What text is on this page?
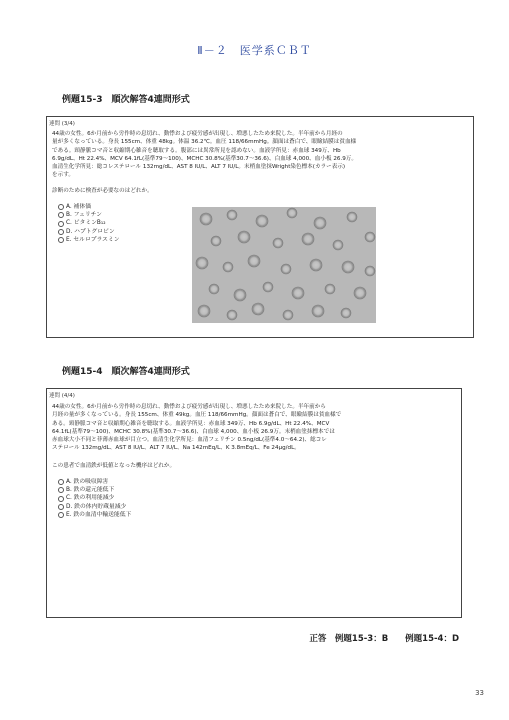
Ⅱ－２　医学系ＣＢＴ
例題15-3　順次解答4連問形式
連問 (3/4)
44歳の女性。6か月前から労作時の息切れ、動悸および疲労感が出現し、増悪したため来院した。半年前から月経の
量が多くなっている。身長 155cm、体重 48kg。体温 36.2℃。血圧 118/66mmHg。顔面は蒼白で、眼瞼結膜は貧血様
である。頸静脈コマ音と収縮期心雑音を聴取する。腹部には異常所見を認めない。血液学所見：赤血球 349万、Hb
6.9g/dL、Ht 22.4%、MCV 64.1fL(基準79～100)、MCHC 30.8%(基準30.7～36.6)、白血球 4,000、血小板 26.9万。
血清生化学所見：総コレステロール 132mg/dL、AST 8 IU/L、ALT 7 IU/L。末梢血塗抹Wright染色標本(カラー表示)
を示す。
診断のために検査が必要なのはどれか。
A. 補体価
B. フェリチン
C. ビタミンB₁₂
D. ハプトグロビン
E. セルロプラスミン
例題15-4　順次解答4連問形式
連問 (4/4)
44歳の女性。6か月前から労作時の息切れ、動悸および疲労感が出現し、増悪したため来院した。半年前から
月経の量が多くなっている。身長 155cm、体重 49kg。血圧 118/66mmHg。顔面は蒼白で、眼瞼結膜は貧血様で
ある。頸静脈コマ音と収縮期心雑音を聴取する。血液学所見：赤血球 349万、Hb 6.9g/dL、Ht 22.4%、MCV
64.1fL(基準79～100)、MCHC 30.8%(基準30.7～36.6)、白血球 4,000、血小板 26.9万。末梢血塗抹標本では
赤血球大小不同と菲薄赤血球が目立つ。血清生化学所見：血清フェリチン 0.5ng/dL(基準4.0～64.2)、総コレ
ステロール 132mg/dL、AST 8 IU/L、ALT 7 IU/L、Na 142mEq/L、K 3.8mEq/L、Fe 24μg/dL。
この患者で血清鉄が低値となった機序はどれか。
A. 鉄の吸収障害
B. 鉄の還元能低下
C. 鉄の利用能減少
D. 鉄の体内貯蔵量減少
E. 鉄の血清中輸送能低下
正答　例題15-3：B　　例題15-4：D
33
